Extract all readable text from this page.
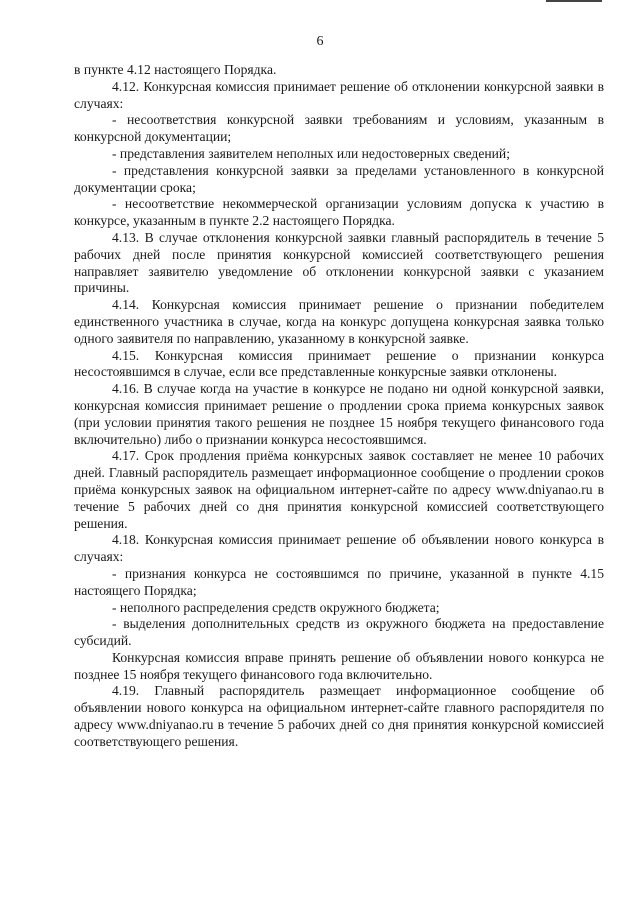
6

в пункте 4.12 настоящего Порядка.

4.12. Конкурсная комиссия принимает решение об отклонении конкурсной заявки в случаях:

- несоответствия конкурсной заявки требованиям и условиям, указанным в конкурсной документации;

- представления заявителем неполных или недостоверных сведений;

- представления конкурсной заявки за пределами установленного в конкурсной документации срока;

- несоответствие некоммерческой организации условиям допуска к участию в конкурсе, указанным в пункте 2.2 настоящего Порядка.

4.13. В случае отклонения конкурсной заявки главный распорядитель в течение 5 рабочих дней после принятия конкурсной комиссией соответствующего решения направляет заявителю уведомление об отклонении конкурсной заявки с указанием причины.

4.14. Конкурсная комиссия принимает решение о признании победителем единственного участника в случае, когда на конкурс допущена конкурсная заявка только одного заявителя по направлению, указанному в конкурсной заявке.

4.15. Конкурсная комиссия принимает решение о признании конкурса несостоявшимся в случае, если все представленные конкурсные заявки отклонены.

4.16. В случае когда на участие в конкурсе не подано ни одной конкурсной заявки, конкурсная комиссия принимает решение о продлении срока приема конкурсных заявок (при условии принятия такого решения не позднее 15 ноября текущего финансового года включительно) либо о признании конкурса несостоявшимся.

4.17. Срок продления приёма конкурсных заявок составляет не менее 10 рабочих дней. Главный распорядитель размещает информационное сообщение о продлении сроков приёма конкурсных заявок на официальном интернет-сайте по адресу www.dniyanao.ru в течение 5 рабочих дней со дня принятия конкурсной комиссией соответствующего решения.

4.18. Конкурсная комиссия принимает решение об объявлении нового конкурса в случаях:

- признания конкурса не состоявшимся по причине, указанной в пункте 4.15 настоящего Порядка;

- неполного распределения средств окружного бюджета;

- выделения дополнительных средств из окружного бюджета на предоставление субсидий.

Конкурсная комиссия вправе принять решение об объявлении нового конкурса не позднее 15 ноября текущего финансового года включительно.

4.19. Главный распорядитель размещает информационное сообщение об объявлении нового конкурса на официальном интернет-сайте главного распорядителя по адресу www.dniyanao.ru в течение 5 рабочих дней со дня принятия конкурсной комиссией соответствующего решения.
